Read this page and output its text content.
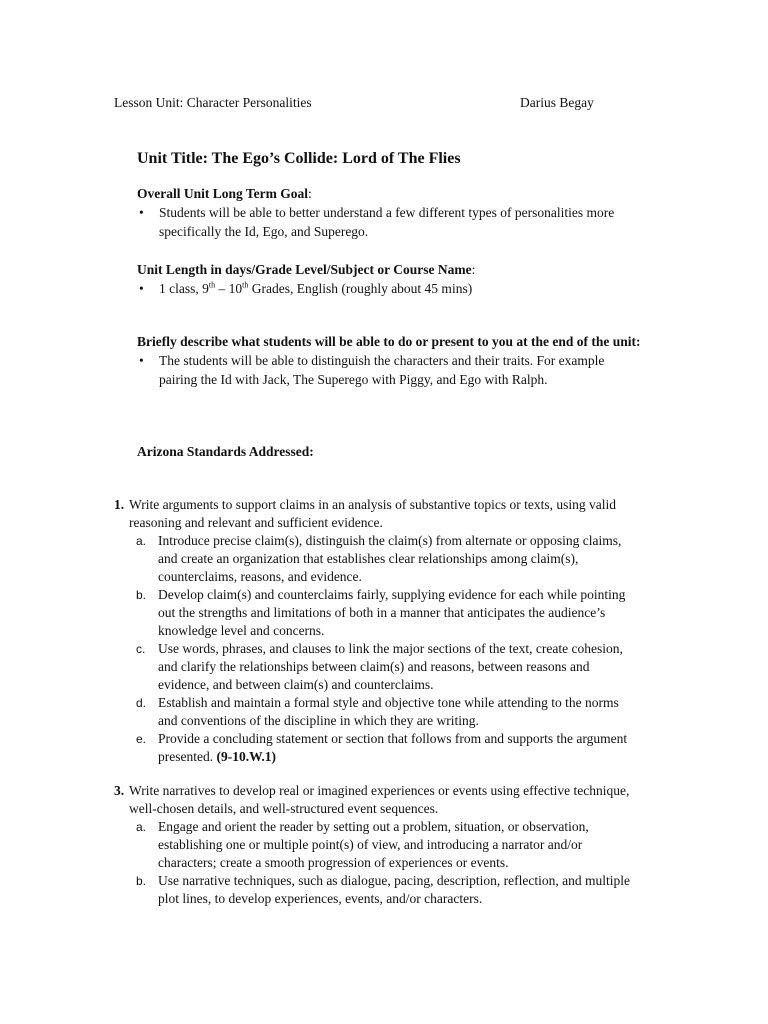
Lesson Unit: Character Personalities	Darius Begay
Unit Title: The Ego’s Collide: Lord of The Flies
Overall Unit Long Term Goal:
• Students will be able to better understand a few different types of personalities more specifically the Id, Ego, and Superego.
Unit Length in days/Grade Level/Subject or Course Name:
• 1 class, 9th – 10th Grades, English (roughly about 45 mins)
Briefly describe what students will be able to do or present to you at the end of the unit:
• The students will be able to distinguish the characters and their traits. For example pairing the Id with Jack, The Superego with Piggy, and Ego with Ralph.
Arizona Standards Addressed:
1. Write arguments to support claims in an analysis of substantive topics or texts, using valid reasoning and relevant and sufficient evidence.
a. Introduce precise claim(s), distinguish the claim(s) from alternate or opposing claims, and create an organization that establishes clear relationships among claim(s), counterclaims, reasons, and evidence.
b. Develop claim(s) and counterclaims fairly, supplying evidence for each while pointing out the strengths and limitations of both in a manner that anticipates the audience’s knowledge level and concerns.
c. Use words, phrases, and clauses to link the major sections of the text, create cohesion, and clarify the relationships between claim(s) and reasons, between reasons and evidence, and between claim(s) and counterclaims.
d. Establish and maintain a formal style and objective tone while attending to the norms and conventions of the discipline in which they are writing.
e. Provide a concluding statement or section that follows from and supports the argument presented. (9-10.W.1)
3. Write narratives to develop real or imagined experiences or events using effective technique, well-chosen details, and well-structured event sequences.
a. Engage and orient the reader by setting out a problem, situation, or observation, establishing one or multiple point(s) of view, and introducing a narrator and/or characters; create a smooth progression of experiences or events.
b. Use narrative techniques, such as dialogue, pacing, description, reflection, and multiple plot lines, to develop experiences, events, and/or characters.
